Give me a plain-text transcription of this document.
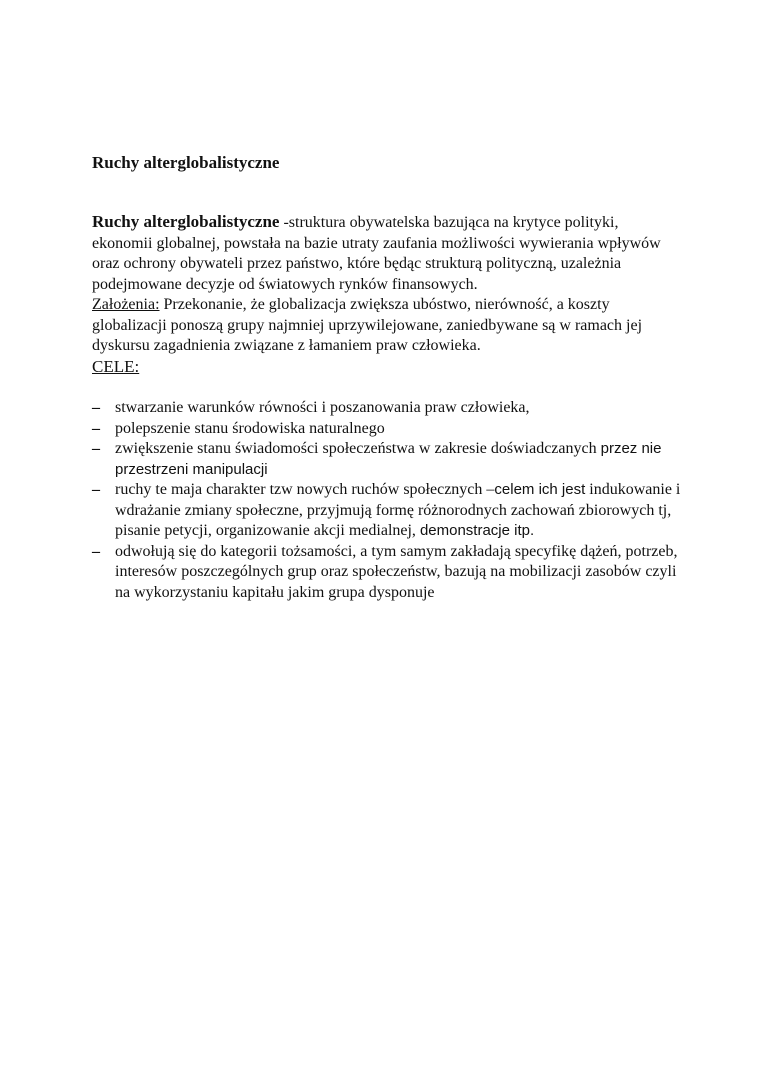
Ruchy alterglobalistyczne

Ruchy alterglobalistyczne -struktura obywatelska bazująca na krytyce polityki, ekonomii globalnej, powstała na bazie utraty zaufania możliwości wywierania wpływów oraz ochrony obywateli przez państwo, które będąc strukturą polityczną, uzależnia podejmowane decyzje od światowych rynków finansowych.

Założenia: Przekonanie, że globalizacja zwiększa ubóstwo, nierówność, a koszty globalizacji ponoszą grupy najmniej uprzywilejowane, zaniedbywane są w ramach jej dyskursu zagadnienia związane z łamaniem praw człowieka.

CELE:

– stwarzanie warunków równości i poszanowania praw człowieka,
– polepszenie stanu środowiska naturalnego
– zwiększenie stanu świadomości społeczeństwa w zakresie doświadczanych przez nie przestrzeni manipulacji
– ruchy te maja charakter tzw nowych ruchów społecznych –celem ich jest indukowanie i wdrażanie zmiany społeczne, przyjmują formę różnorodnych zachowań zbiorowych tj, pisanie petycji, organizowanie akcji medialnej, demonstracje itp.
– odwołują się do kategorii tożsamości, a tym samym zakładają specyfikę dążeń, potrzeb, interesów poszczególnych grup oraz społeczeństw, bazują na mobilizacji zasobów czyli na wykorzystaniu kapitału jakim grupa dysponuje
